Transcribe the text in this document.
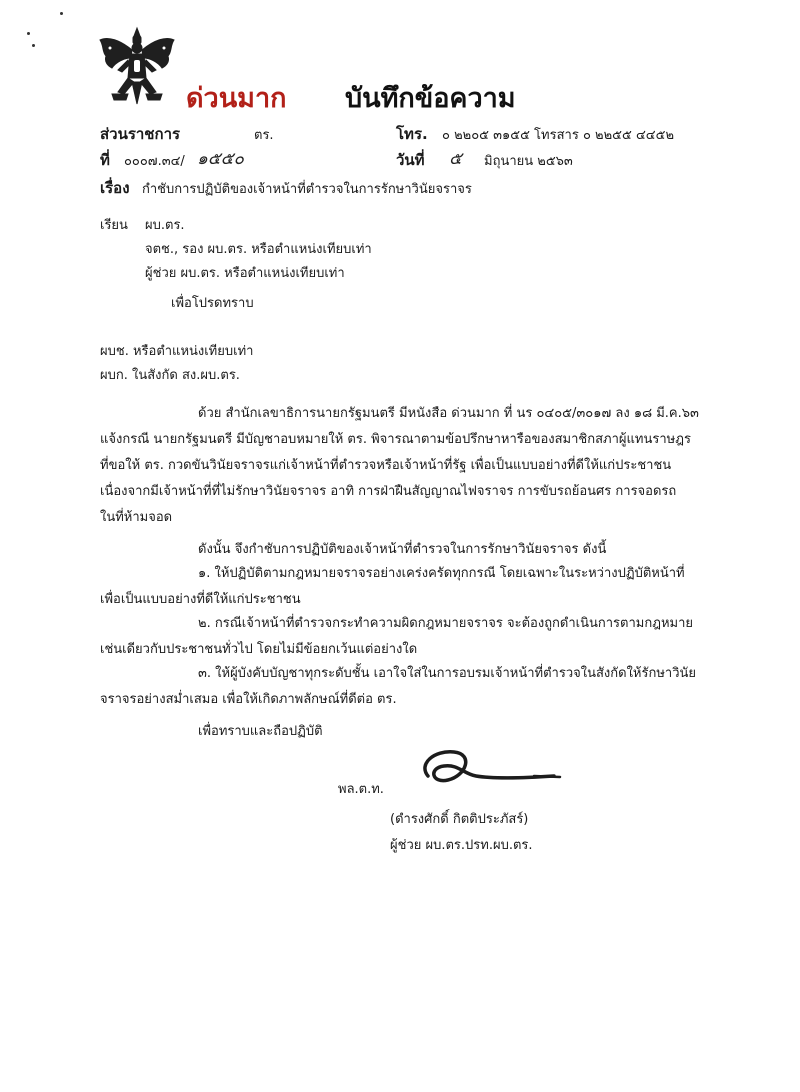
ด่วนมาก บันทึกข้อความ
ส่วนราชการ	ตร.	โทร. ๐ ๒๒๐๕ ๓๑๕๕ โทรสาร ๐ ๒๒๕๕ ๔๔๕๒
ที่ ๐๐๐๗.๓๔/ ๑๕๕๐	วันที่ ๕ มิถุนายน ๒๕๖๓
เรื่อง กำชับการปฏิบัติของเจ้าหน้าที่ตำรวจในการรักษาวินัยจราจร
เรียน ผบ.ตร.
จตช., รอง ผบ.ตร. หรือตำแหน่งเทียบเท่า
ผู้ช่วย ผบ.ตร. หรือตำแหน่งเทียบเท่า
เพื่อโปรดทราบ
ผบช. หรือตำแหน่งเทียบเท่า
ผบก. ในสังกัด สง.ผบ.ตร.
ด้วย สำนักเลขาธิการนายกรัฐมนตรี มีหนังสือ ด่วนมาก ที่ นร ๐๔๐๕/๓๐๑๗ ลง ๑๘ มี.ค.๖๓
แจ้งกรณี นายกรัฐมนตรี มีบัญชาอบหมายให้ ตร. พิจารณาตามข้อปรึกษาหารือของสมาชิกสภาผู้แทนราษฎร
ที่ขอให้ ตร. กวดขันวินัยจราจรแก่เจ้าหน้าที่ตำรวจหรือเจ้าหน้าที่รัฐ เพื่อเป็นแบบอย่างที่ดีให้แก่ประชาชน
เนื่องจากมีเจ้าหน้าที่ที่ไม่รักษาวินัยจราจร อาทิ การฝ่าฝืนสัญญาณไฟจราจร การขับรถย้อนศร การจอดรถ
ในที่ห้ามจอด
ดังนั้น จึงกำชับการปฏิบัติของเจ้าหน้าที่ตำรวจในการรักษาวินัยจราจร ดังนี้
๑. ให้ปฏิบัติตามกฎหมายจราจรอย่างเคร่งครัดทุกกรณี โดยเฉพาะในระหว่างปฏิบัติหน้าที่
เพื่อเป็นแบบอย่างที่ดีให้แก่ประชาชน
๒. กรณีเจ้าหน้าที่ตำรวจกระทำความผิดกฎหมายจราจร จะต้องถูกดำเนินการตามกฎหมาย
เช่นเดียวกับประชาชนทั่วไป โดยไม่มีข้อยกเว้นแต่อย่างใด
๓. ให้ผู้บังคับบัญชาทุกระดับชั้น เอาใจใส่ในการอบรมเจ้าหน้าที่ตำรวจในสังกัดให้รักษาวินัย
จราจรอย่างสม่ำเสมอ เพื่อให้เกิดภาพลักษณ์ที่ดีต่อ ตร.
เพื่อทราบและถือปฏิบัติ
พล.ต.ท.
(ดำรงศักดิ์ กิตติประภัสร์)
ผู้ช่วย ผบ.ตร.ปรท.ผบ.ตร.
